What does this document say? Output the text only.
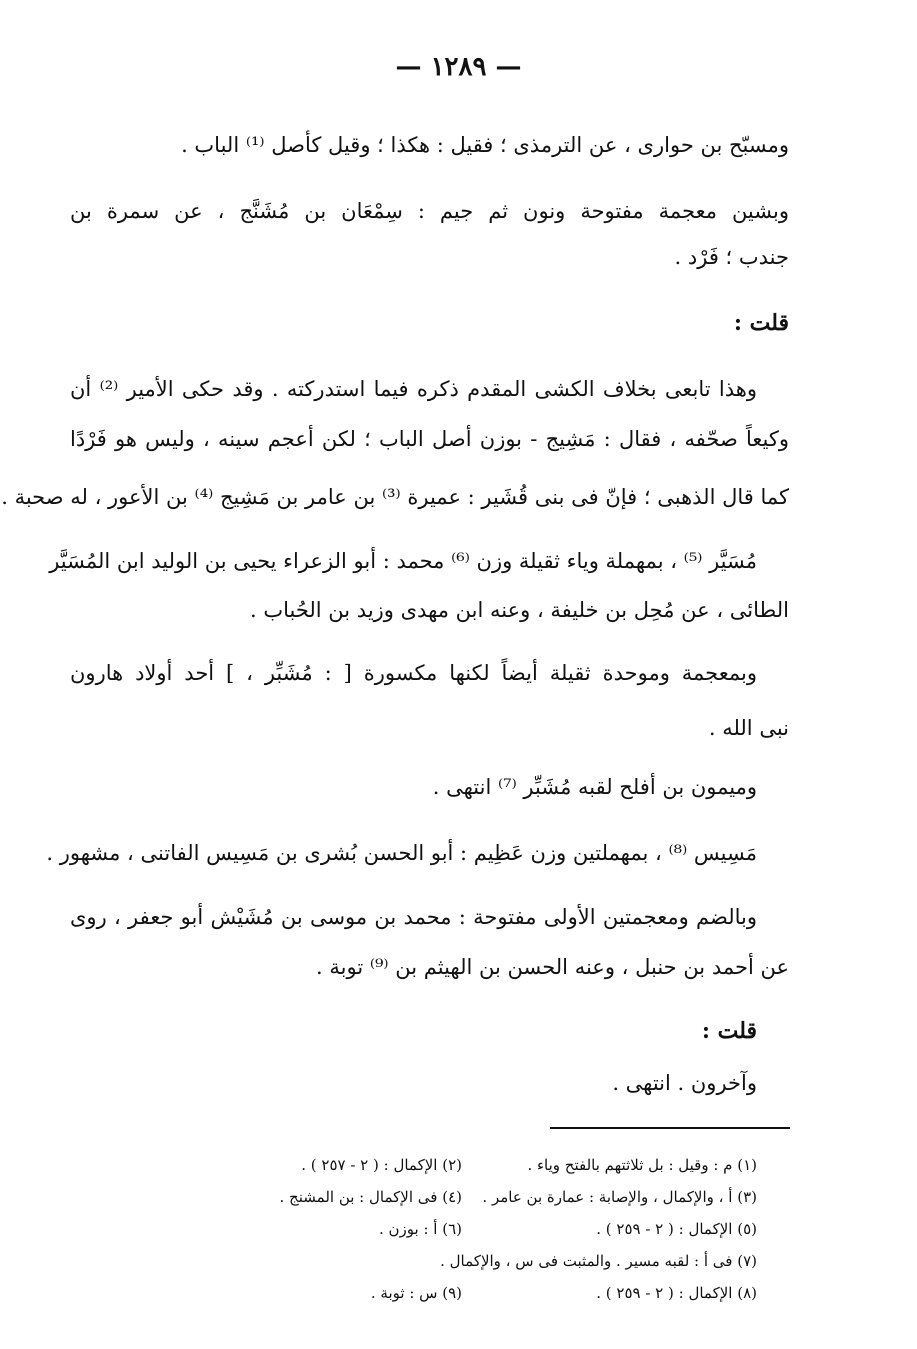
— ١٢٨٩ —
ومسبّح بن حوارى ، عن الترمذى ؛ فقيل : هكذا ؛ وقيل كأصل ⁽¹⁾ الباب .
وبشين معجمة مفتوحة ونون ثم جيم : سِمْعَان بن مُشَنَّج ، عن سمرة بن
جندب ؛ فَرْد .
قلت :
وهذا تابعى بخلاف الكشى المقدم ذكره فيما استدركته . وقد حكى الأمير ⁽²⁾ أن
وكيعاً صحّفه ، فقال : مَشِيج - بوزن أصل الباب ؛ لكن أعجم سينه ، وليس هو فَرْدًا
كما قال الذهبى ؛ فإنّ فى بنى قُشَير : عميرة ⁽³⁾ بن عامر بن مَشِيج ⁽⁴⁾ بن الأعور ، له صحبة .
مُسَيَّر ⁽⁵⁾ ، بمهملة وياء ثقيلة وزن ⁽⁶⁾ محمد : أبو الزعراء يحيى بن الوليد ابن المُسَيَّر
الطائى ، عن مُحِل بن خليفة ، وعنه ابن مهدى وزيد بن الحُباب .
وبمعجمة وموحدة ثقيلة أيضاً لكنها مكسورة [ : مُشَبِّر ، ] أحد أولاد هارون
نبى الله .
وميمون بن أفلح لقبه مُشَبِّر ⁽⁷⁾ انتهى .
مَسِيس ⁽⁸⁾ ، بمهملتين وزن عَظِيم : أبو الحسن بُشرى بن مَسِيس الفاتنى ، مشهور .
وبالضم ومعجمتين الأولى مفتوحة : محمد بن موسى بن مُشَيْش أبو جعفر ، روى
عن أحمد بن حنبل ، وعنه الحسن بن الهيثم بن ⁽⁹⁾ توبة .
قلت :
وآخرون . انتهى .
(١) م : وقيل : بل ثلاثتهم بالفتح وياء .(٢) الإكمال : ( ٢ - ٢٥٧ ) .
(٣) أ ، والإكمال ، والإصابة : عمارة بن عامر .(٤) فى الإكمال : بن المشنج .
(٥) الإكمال : ( ٢ - ٢٥٩ ) .(٦) أ : بوزن .
(٧) فى أ : لقبه مسير . والمثبت فى س ، والإكمال .
(٨) الإكمال : ( ٢ - ٢٥٩ ) .(٩) س : ثوبة .
